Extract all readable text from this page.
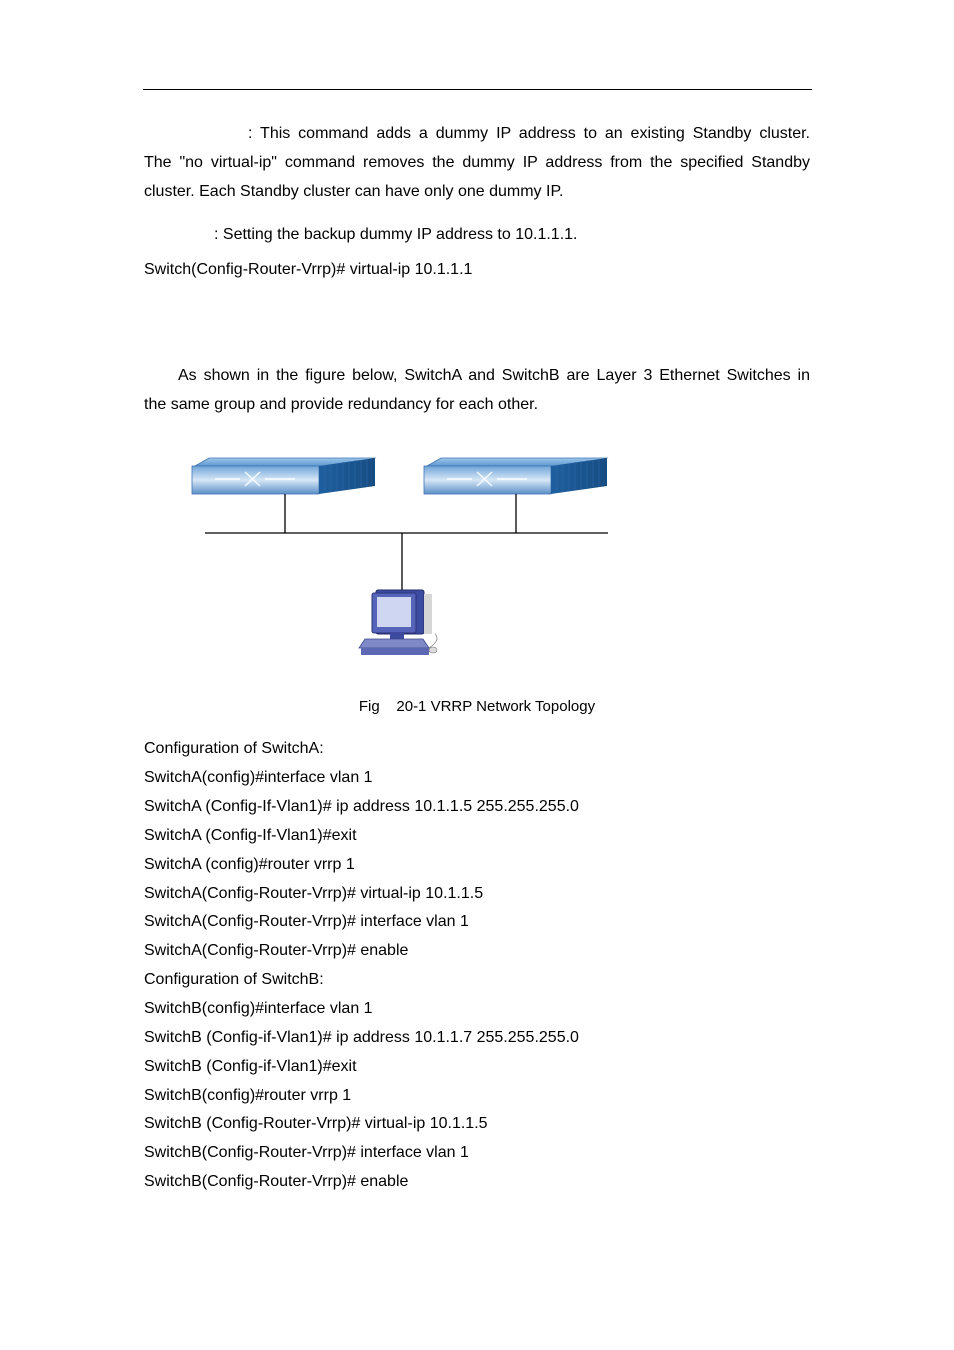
: This command adds a dummy IP address to an existing Standby cluster.
The "no virtual-ip" command removes the dummy IP address from the specified Standby
cluster. Each Standby cluster can have only one dummy IP.
: Setting the backup dummy IP address to 10.1.1.1.
Switch(Config-Router-Vrrp)# virtual-ip 10.1.1.1
As shown in the figure below, SwitchA and SwitchB are Layer 3 Ethernet Switches in
the same group and provide redundancy for each other.
Fig    20-1 VRRP Network Topology
Configuration of SwitchA:
SwitchA(config)#interface vlan 1
SwitchA (Config-If-Vlan1)# ip address 10.1.1.5 255.255.255.0
SwitchA (Config-If-Vlan1)#exit
SwitchA (config)#router vrrp 1
SwitchA(Config-Router-Vrrp)# virtual-ip 10.1.1.5
SwitchA(Config-Router-Vrrp)# interface vlan 1
SwitchA(Config-Router-Vrrp)# enable
Configuration of SwitchB:
SwitchB(config)#interface vlan 1
SwitchB (Config-if-Vlan1)# ip address 10.1.1.7 255.255.255.0
SwitchB (Config-if-Vlan1)#exit
SwitchB(config)#router vrrp 1
SwitchB (Config-Router-Vrrp)# virtual-ip 10.1.1.5
SwitchB(Config-Router-Vrrp)# interface vlan 1
SwitchB(Config-Router-Vrrp)# enable
